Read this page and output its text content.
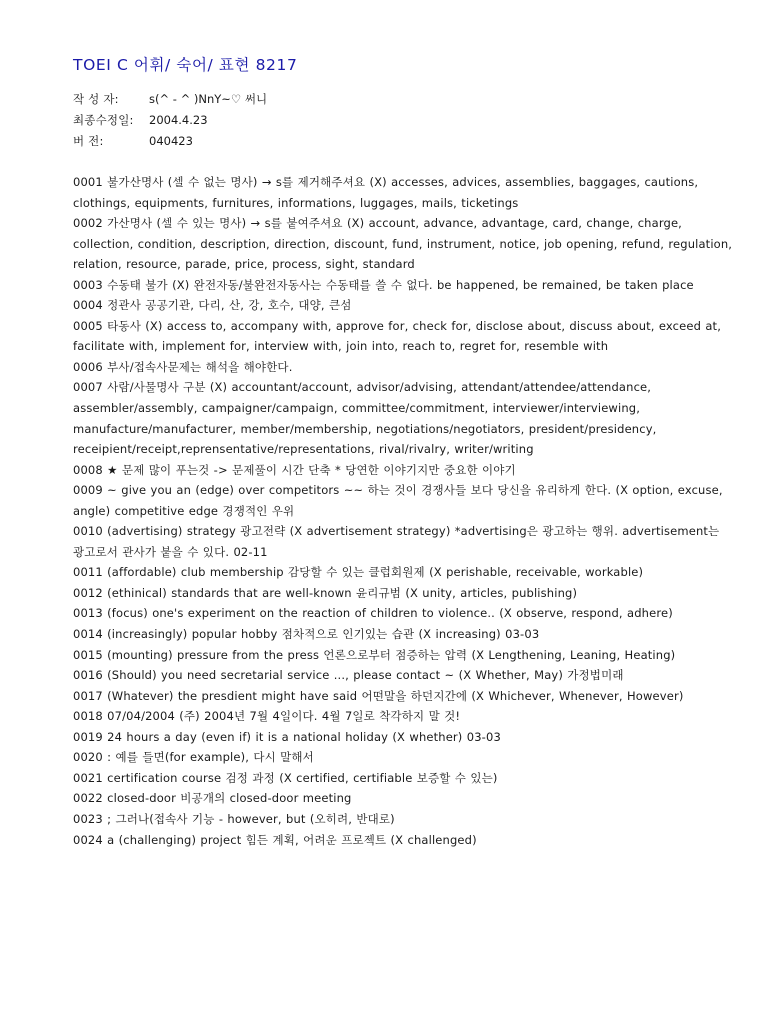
TOEI C 어휘/ 숙어/ 표현 8217
작 성 자:	s(^ - ^ )NnY~♡ 써니
최종수정일:	2004.4.23
버 전:	040423

0001 불가산명사 (셀 수 없는 명사) → s를 제거해주셔요 (X) accesses, advices, assemblies, baggages, cautions, clothings, equipments, furnitures, informations, luggages, mails, ticketings

0002 가산명사 (셀 수 있는 명사) → s를 붙여주셔요 (X) account, advance, advantage, card, change, charge, collection, condition, description, direction, discount, fund, instrument, notice, job opening, refund, regulation, relation, resource, parade, price, process, sight, standard

0003 수동태 불가 (X) 완전자동/불완전자동사는 수동태를 쓸 수 없다. be happened, be remained, be taken place

0004 정관사 공공기관, 다리, 산, 강, 호수, 대양, 큰섬

0005 타동사 (X) access to, accompany with, approve for, check for, disclose about, discuss about, exceed at, facilitate with, implement for, interview with, join into, reach to, regret for, resemble with

0006 부사/접속사문제는 해석을 해야한다.

0007 사람/사물명사 구분 (X) accountant/account, advisor/advising, attendant/attendee/attendance, assembler/assembly, campaigner/campaign, committee/commitment, interviewer/interviewing, manufacture/manufacturer, member/membership, negotiations/negotiators, president/presidency, receipient/receipt,reprensentative/representations, rival/rivalry, writer/writing

0008 ★ 문제 많이 푸는것 -> 문제풀이 시간 단축 * 당연한 이야기지만 중요한 이야기

0009 ~ give you an (edge) over competitors ~~ 하는 것이 경쟁사들 보다 당신을 유리하게 한다. (X option, excuse, angle) competitive edge 경쟁적인 우위

0010 (advertising) strategy 광고전략 (X advertisement strategy) *advertising은 광고하는 행위. advertisement는 광고로서 관사가 붙을 수 있다. 02-11

0011 (affordable) club membership 감당할 수 있는 클럽회원제 (X perishable, receivable, workable)

0012 (ethinical) standards that are well-known 윤리규범 (X unity, articles, publishing)

0013 (focus) one's experiment on the reaction of children to violence.. (X observe, respond, adhere)

0014 (increasingly) popular hobby 점차적으로 인기있는 습관 (X increasing) 03-03

0015 (mounting) pressure from the press 언론으로부터 점증하는 압력 (X Lengthening, Leaning, Heating)

0016 (Should) you need secretarial service ..., please contact ~ (X Whether, May) 가정법미래

0017 (Whatever) the presdient might have said 어떤말을 하던지간에 (X Whichever, Whenever, However)

0018 07/04/2004 (주) 2004년 7월 4일이다. 4월 7일로 착각하지 말 것!

0019 24 hours a day (even if) it is a national holiday (X whether) 03-03

0020 : 예를 들면(for example), 다시 말해서

0021 certification course 검정 과정 (X certified, certifiable 보증할 수 있는)

0022 closed-door 비공개의 closed-door meeting

0023 ; 그러나(접속사 기능 - however, but (오히려, 반대로)

0024 a (challenging) project 힘든 계획, 어려운 프로젝트 (X challenged)
